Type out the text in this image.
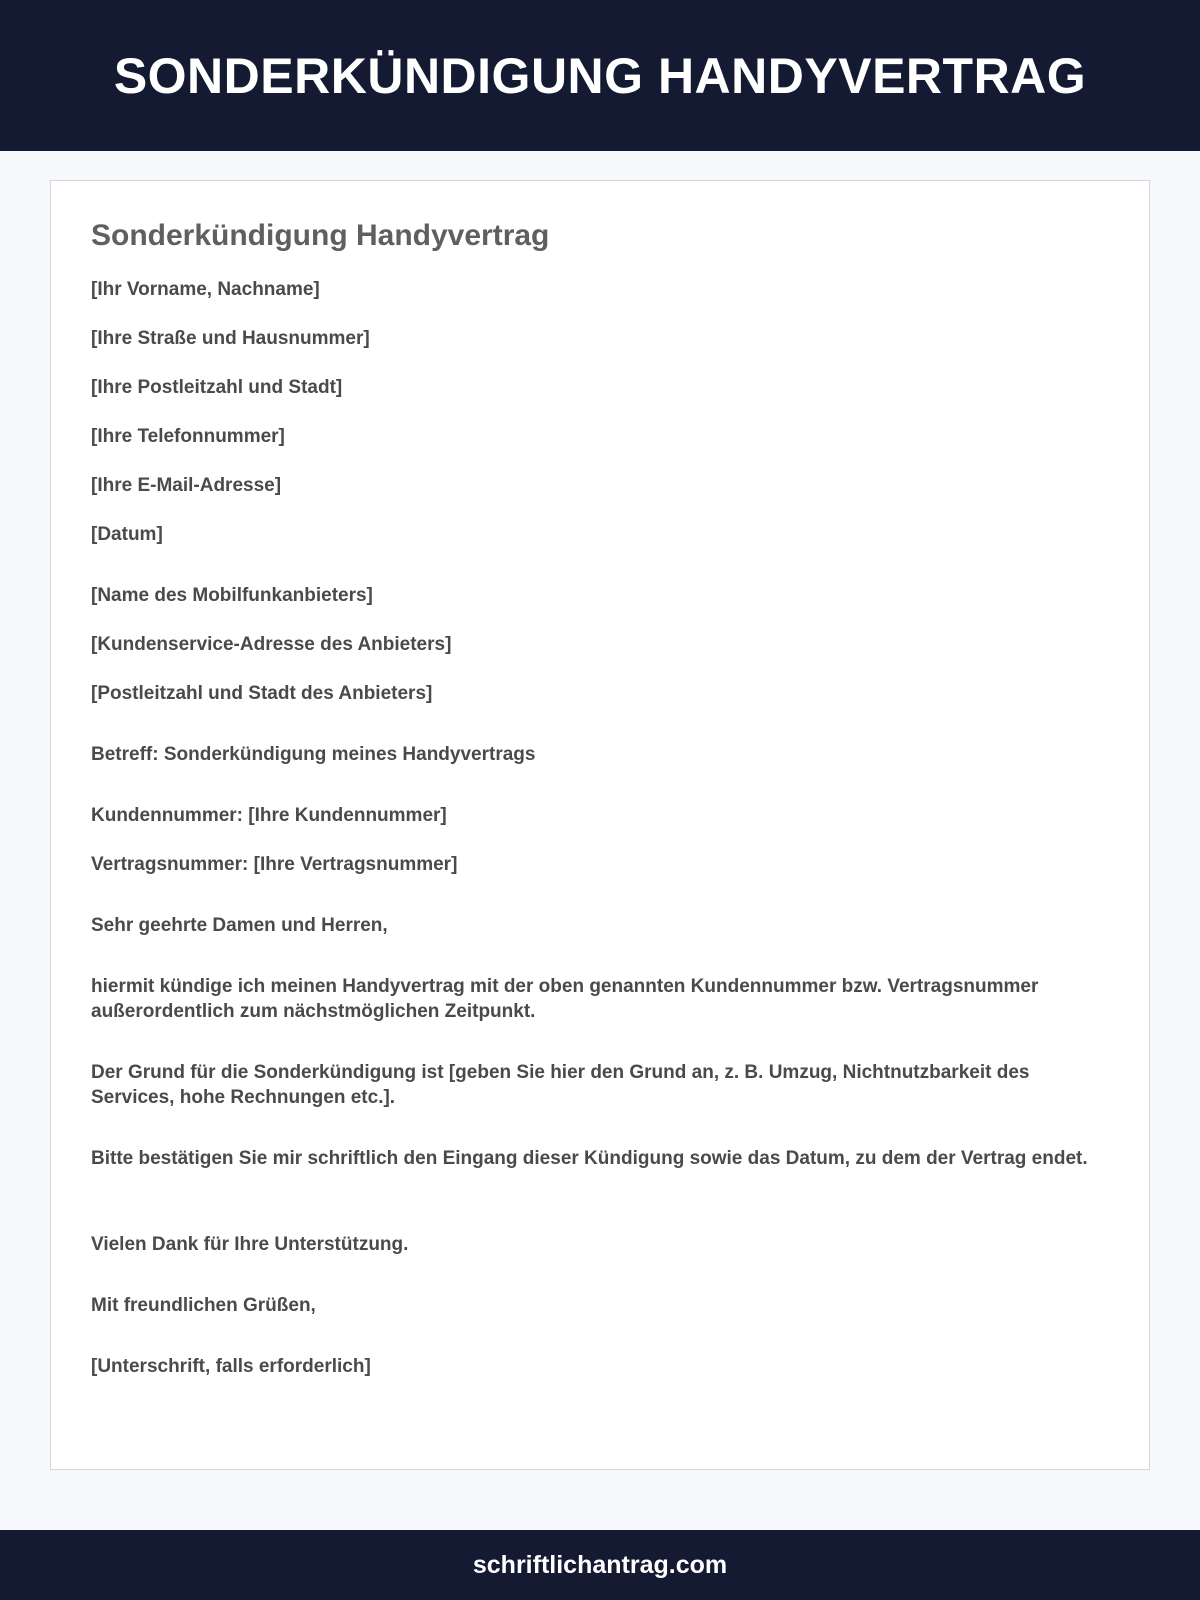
SONDERKÜNDIGUNG HANDYVERTRAG
Sonderkündigung Handyvertrag

[Ihr Vorname, Nachname]

[Ihre Straße und Hausnummer]

[Ihre Postleitzahl und Stadt]

[Ihre Telefonnummer]

[Ihre E-Mail-Adresse]

[Datum]

[Name des Mobilfunkanbieters]

[Kundenservice-Adresse des Anbieters]

[Postleitzahl und Stadt des Anbieters]

Betreff: Sonderkündigung meines Handyvertrags

Kundennummer: [Ihre Kundennummer]

Vertragsnummer: [Ihre Vertragsnummer]

Sehr geehrte Damen und Herren,

hiermit kündige ich meinen Handyvertrag mit der oben genannten Kundennummer bzw. Vertragsnummer außerordentlich zum nächstmöglichen Zeitpunkt.

Der Grund für die Sonderkündigung ist [geben Sie hier den Grund an, z. B. Umzug, Nichtnutzbarkeit des Services, hohe Rechnungen etc.].

Bitte bestätigen Sie mir schriftlich den Eingang dieser Kündigung sowie das Datum, zu dem der Vertrag endet.

Vielen Dank für Ihre Unterstützung.

Mit freundlichen Grüßen,

[Unterschrift, falls erforderlich]

schriftlichantrag.com
